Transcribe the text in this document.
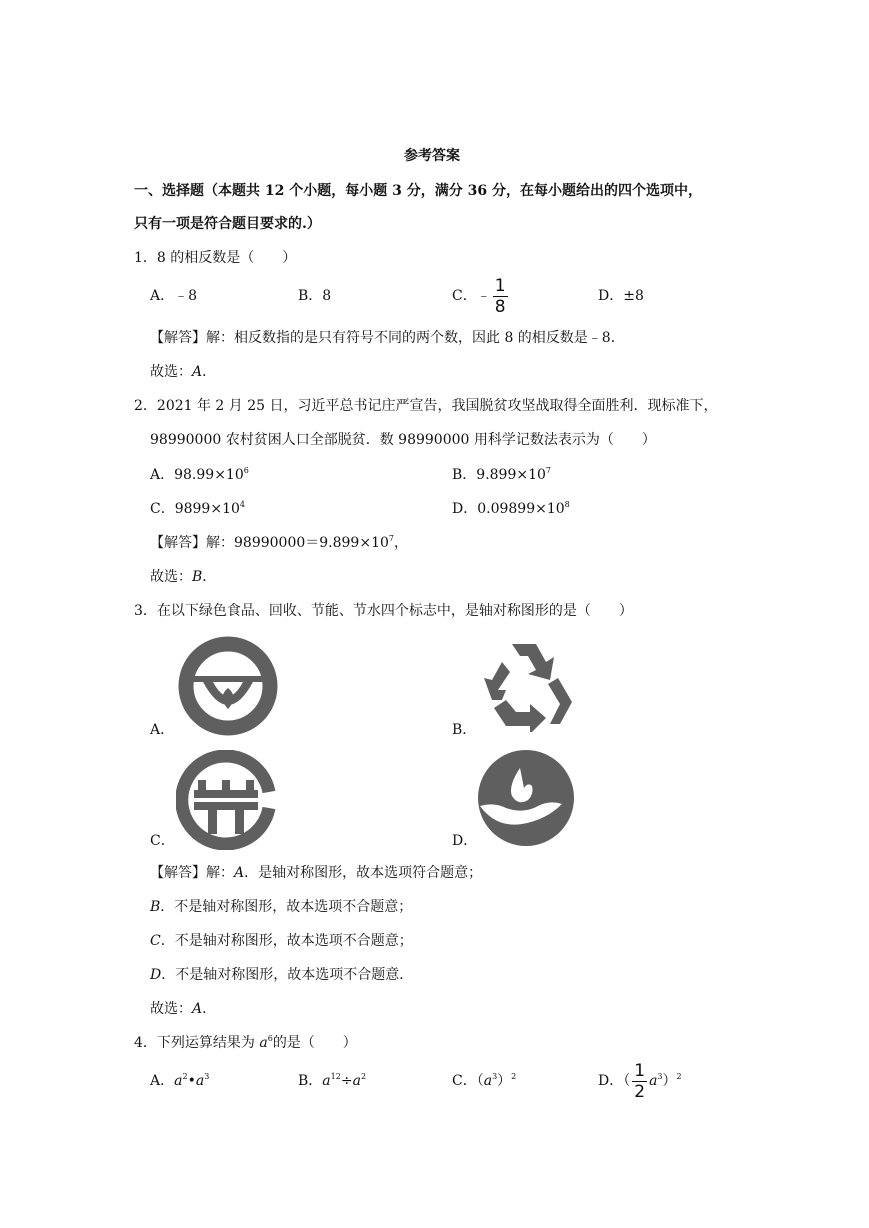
参考答案
一、选择题（本题共 12 个小题，每小题 3 分，满分 36 分，在每小题给出的四个选项中，
只有一项是符合题目要求的.）
1．8 的相反数是（　　）
A．﹣8	B．8	C．﹣ $\frac{1}{8}$	D．±8
【解答】解：相反数指的是只有符号不同的两个数，因此 8 的相反数是﹣8．
故选：A．
2．2021 年 2 月 25 日，习近平总书记庄严宣告，我国脱贫攻坚战取得全面胜利．现标准下，
98990000 农村贫困人口全部脱贫．数 98990000 用科学记数法表示为（　　）
A．$98.99\times 10^6$	B．$9.899\times 10^7$
C．$9899\times 10^4$	D．$0.09899\times 10^8$
【解答】解：$98990000=9.899\times 10^7$，
故选：B．
3．在以下绿色食品、回收、节能、节水四个标志中，是轴对称图形的是（　　）
A．	B．
C．	D．
【解答】解：A．是轴对称图形，故本选项符合题意；
B．不是轴对称图形，故本选项不合题意；
C．不是轴对称图形，故本选项不合题意；
D．不是轴对称图形，故本选项不合题意．
故选：A．
4．下列运算结果为 $a^6$的是（　　）
A．$a^2•a^3$	B．$a^{12}\div a^2$	C．$(a^3)^2$	D．（ $\frac{1}{2} a^3)^2$
